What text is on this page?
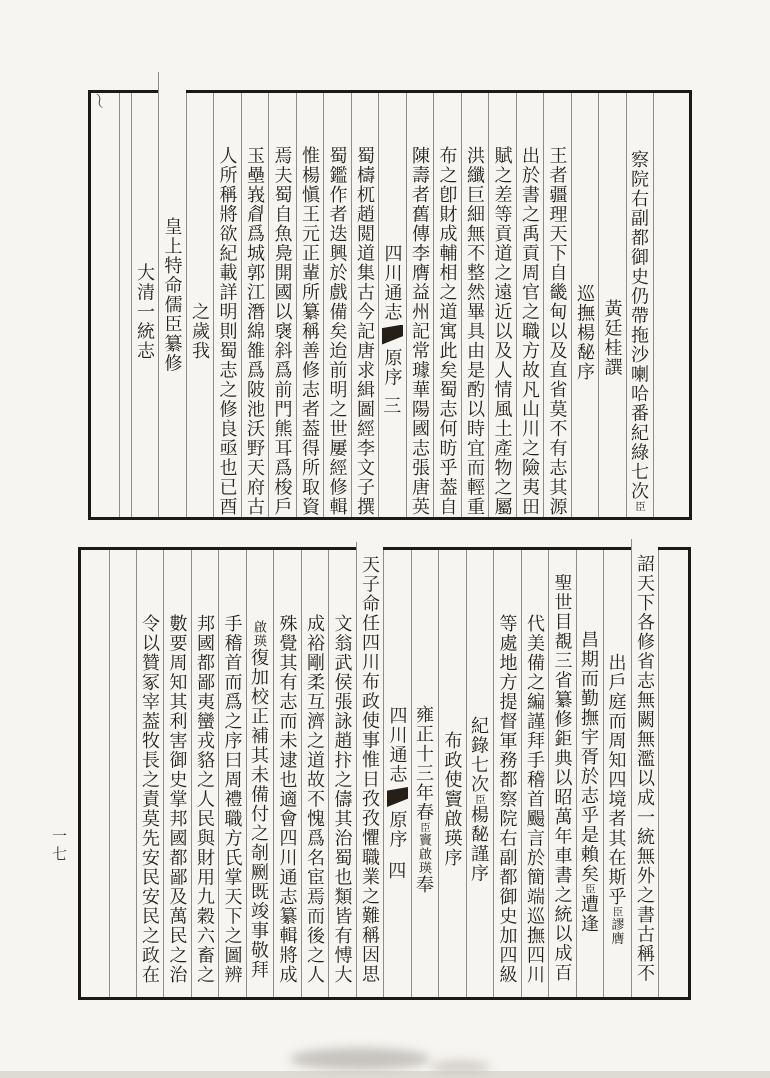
察院右副都御史仍帶拖沙喇哈番紀綠七次臣黃廷桂譔巡撫楊馝序王者疆理天下自畿甸以及直省莫不有志其源出於書之禹貢周官之職方故凡山川之險夷田賦之差等貢道之遠近以及人情風土產物之屬洪纖巨細無不整然畢具由是酌以時宜而輕重布之卽財成輔相之道寓此矣蜀志何昉乎葢自陳壽者舊傳李膺益州記常璩華陽國志張唐英四川通志原序
三
蜀檮杌趙閲道集古今記唐求緝圖經李文子撰蜀鑑作者迭興於戲備矣迨前明之世屢經修輯惟楊愼王元正輩所纂稱善修志者葢得所取資焉夫蜀自魚鳧開國以襃斜爲前門熊耳爲梭戶玉壘峩睂爲城郭江潛綿雒爲陂池沃野天府古人所稱將欲紀載詳明則蜀志之修良亟也已酉之歲我皇上特命儒臣纂修大清一統志
詔天下各修省志無闕無濫以成一統無外之書古稱不出戶庭而周知四境者其在斯乎臣謬膺昌期而勤撫宇胥於志乎是賴矣臣遭逢聖世目覩三省纂修鉅典以昭萬年車書之統以成百代美備之編謹拜手稽首颺言於簡端巡撫四川等處地方提督軍務都察院右副都御史加四級紀錄七次臣楊馝謹序布政使竇啟瑛序雍正十三年春臣竇啟瑛奉四川通志原序
四
天子命任四川布政使事惟日孜孜懼職業之難稱因思文翁武侯張詠趙抃之儔其治蜀也類皆有愽大成裕剛柔互濟之道故不愧爲名宦焉而後之人殊覺其有志而未逮也適會四川通志纂輯將成啟瑛復加校正補其未備付之剞劂既竣事敬拜手稽首而爲之序曰周禮職方氏掌天下之圖辨邦國都鄙夷蠻戎貉之人民與財用九穀六畜之數要周知其利害御史掌邦國都鄙及萬民之治令以贊冢宰葢牧長之責莫先安民安民之政在
一七
〜
